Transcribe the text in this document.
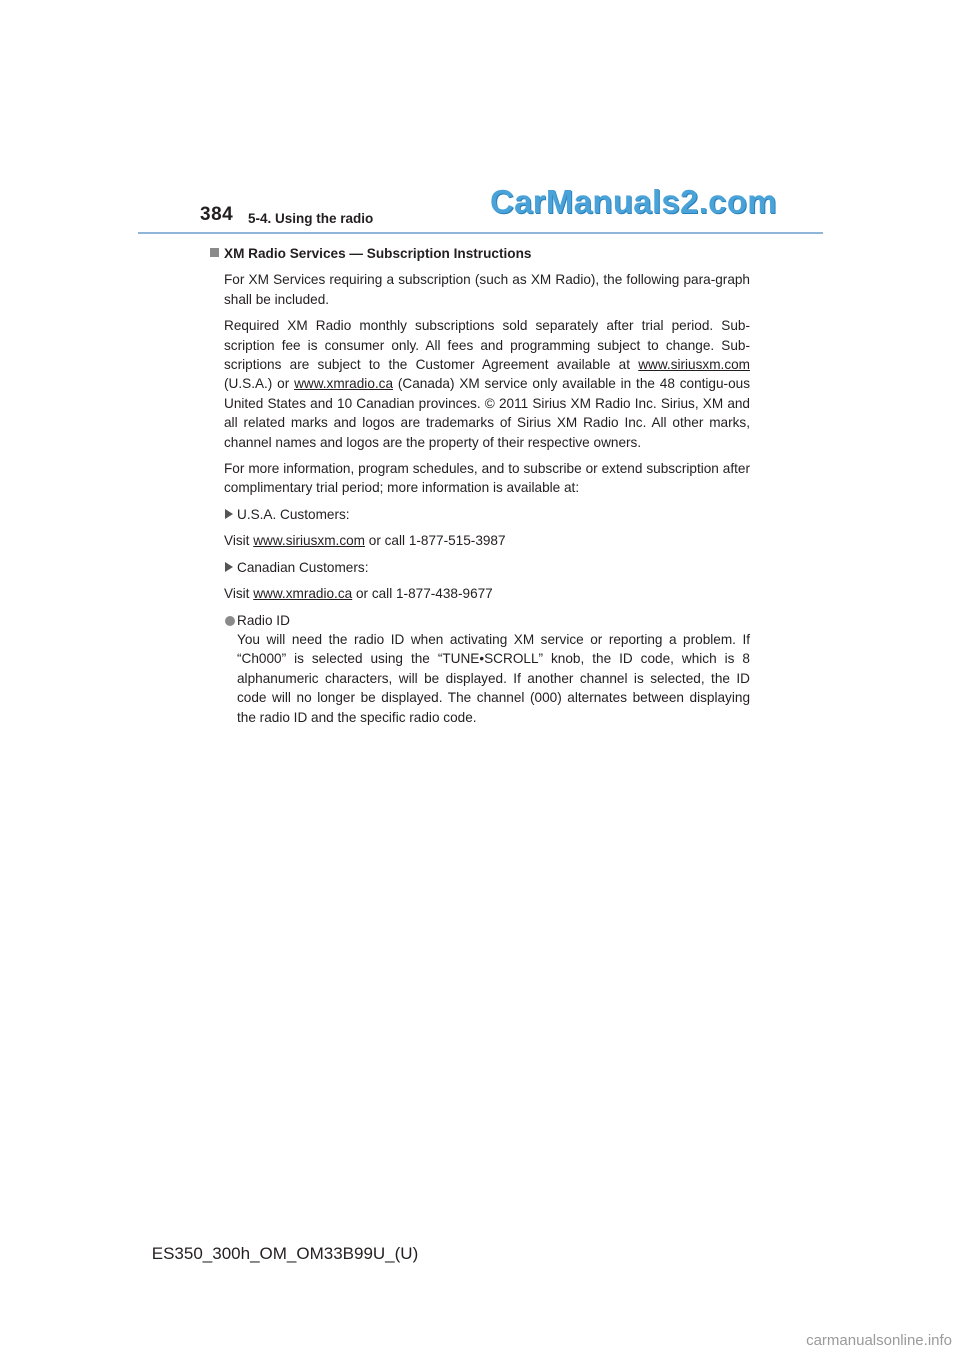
384 5-4. Using the radio	CarManuals2.com
XM Radio Services — Subscription Instructions

For XM Services requiring a subscription (such as XM Radio), the following para-graph shall be included.

Required XM Radio monthly subscriptions sold separately after trial period. Sub-scription fee is consumer only. All fees and programming subject to change. Sub-scriptions are subject to the Customer Agreement available at www.siriusxm.com (U.S.A.) or www.xmradio.ca (Canada) XM service only available in the 48 contigu-ous United States and 10 Canadian provinces. © 2011 Sirius XM Radio Inc. Sirius, XM and all related marks and logos are trademarks of Sirius XM Radio Inc. All other marks, channel names and logos are the property of their respective owners.

For more information, program schedules, and to subscribe or extend subscription after complimentary trial period; more information is available at:

U.S.A. Customers:

Visit www.siriusxm.com or call 1-877-515-3987

Canadian Customers:

Visit www.xmradio.ca or call 1-877-438-9677

Radio ID

You will need the radio ID when activating XM service or reporting a problem. If “Ch000” is selected using the “TUNE•SCROLL” knob, the ID code, which is 8 alphanumeric characters, will be displayed. If another channel is selected, the ID code will no longer be displayed. The channel (000) alternates between displaying the radio ID and the specific radio code.

ES350_300h_OM_OM33B99U_(U)
carmanualsonline.info
